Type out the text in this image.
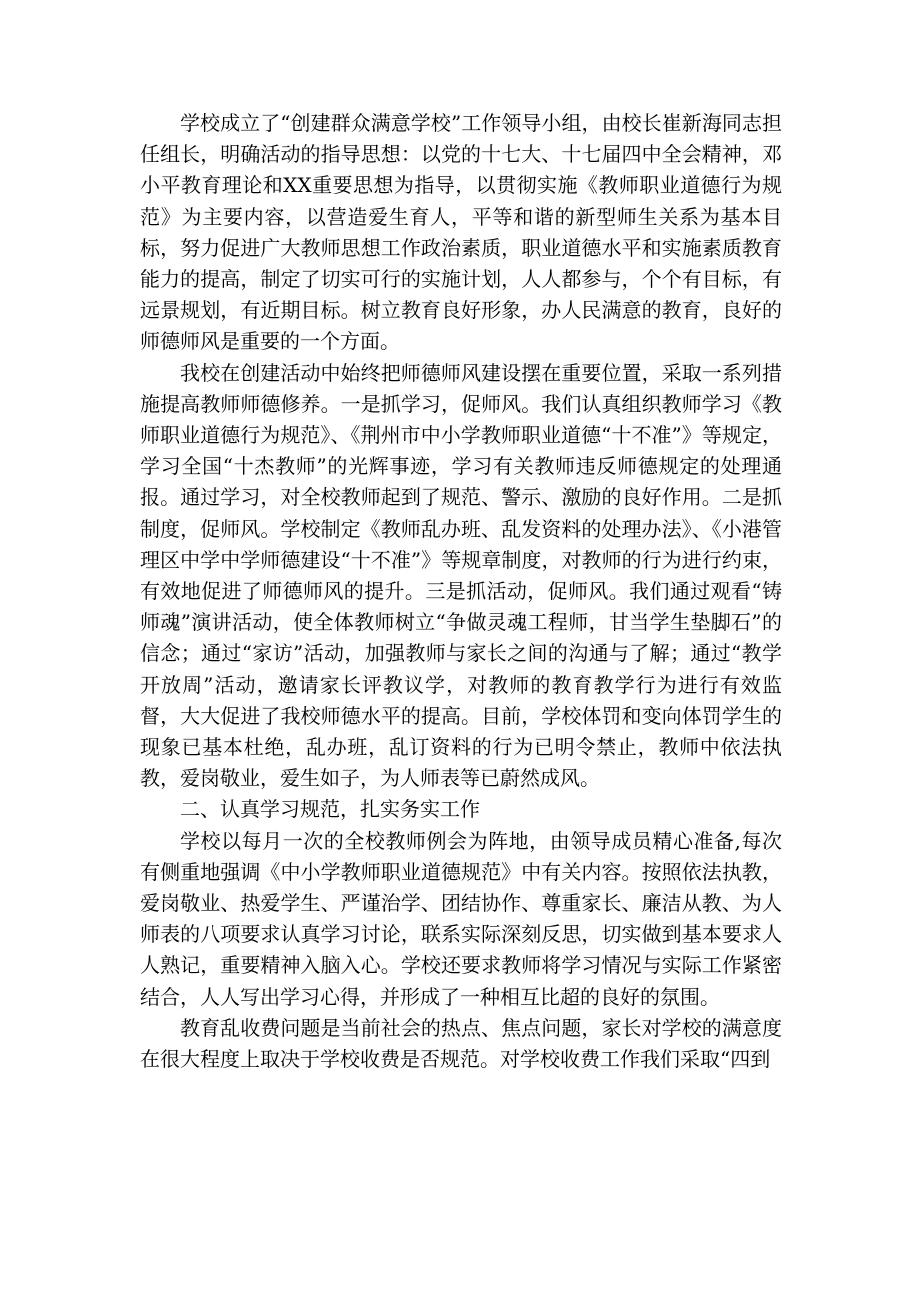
学校成立了“创建群众满意学校”工作领导小组，由校长崔新海同志担任组长，明确活动的指导思想：以党的十七大、十七届四中全会精神，邓小平教育理论和XX重要思想为指导，以贯彻实施《教师职业道德行为规范》为主要内容，以营造爱生育人，平等和谐的新型师生关系为基本目标，努力促进广大教师思想工作政治素质，职业道德水平和实施素质教育能力的提高，制定了切实可行的实施计划，人人都参与，个个有目标，有远景规划，有近期目标。树立教育良好形象，办人民满意的教育，良好的师德师风是重要的一个方面。

我校在创建活动中始终把师德师风建设摆在重要位置，采取一系列措施提高教师师德修养。一是抓学习，促师风。我们认真组织教师学习《教师职业道德行为规范》、《荆州市中小学教师职业道德“十不准”》等规定，学习全国“十杰教师”的光辉事迹，学习有关教师违反师德规定的处理通报。通过学习，对全校教师起到了规范、警示、激励的良好作用。二是抓制度，促师风。学校制定《教师乱办班、乱发资料的处理办法》、《小港管理区中学中学师德建设“十不准”》等规章制度，对教师的行为进行约束，有效地促进了师德师风的提升。三是抓活动，促师风。我们通过观看“铸师魂”演讲活动，使全体教师树立“争做灵魂工程师，甘当学生垫脚石”的信念；通过“家访”活动，加强教师与家长之间的沟通与了解；通过“教学开放周”活动，邀请家长评教议学，对教师的教育教学行为进行有效监督，大大促进了我校师德水平的提高。目前，学校体罚和变向体罚学生的现象已基本杜绝，乱办班，乱订资料的行为已明令禁止，教师中依法执教，爱岗敬业，爱生如子，为人师表等已蔚然成风。

二、认真学习规范，扎实务实工作

学校以每月一次的全校教师例会为阵地，由领导成员精心准备,每次有侧重地强调《中小学教师职业道德规范》中有关内容。按照依法执教，爱岗敬业、热爱学生、严谨治学、团结协作、尊重家长、廉洁从教、为人师表的八项要求认真学习讨论，联系实际深刻反思，切实做到基本要求人人熟记，重要精神入脑入心。学校还要求教师将学习情况与实际工作紧密结合，人人写出学习心得，并形成了一种相互比超的良好的氛围。

教育乱收费问题是当前社会的热点、焦点问题，家长对学校的满意度在很大程度上取决于学校收费是否规范。对学校收费工作我们采取“四到
